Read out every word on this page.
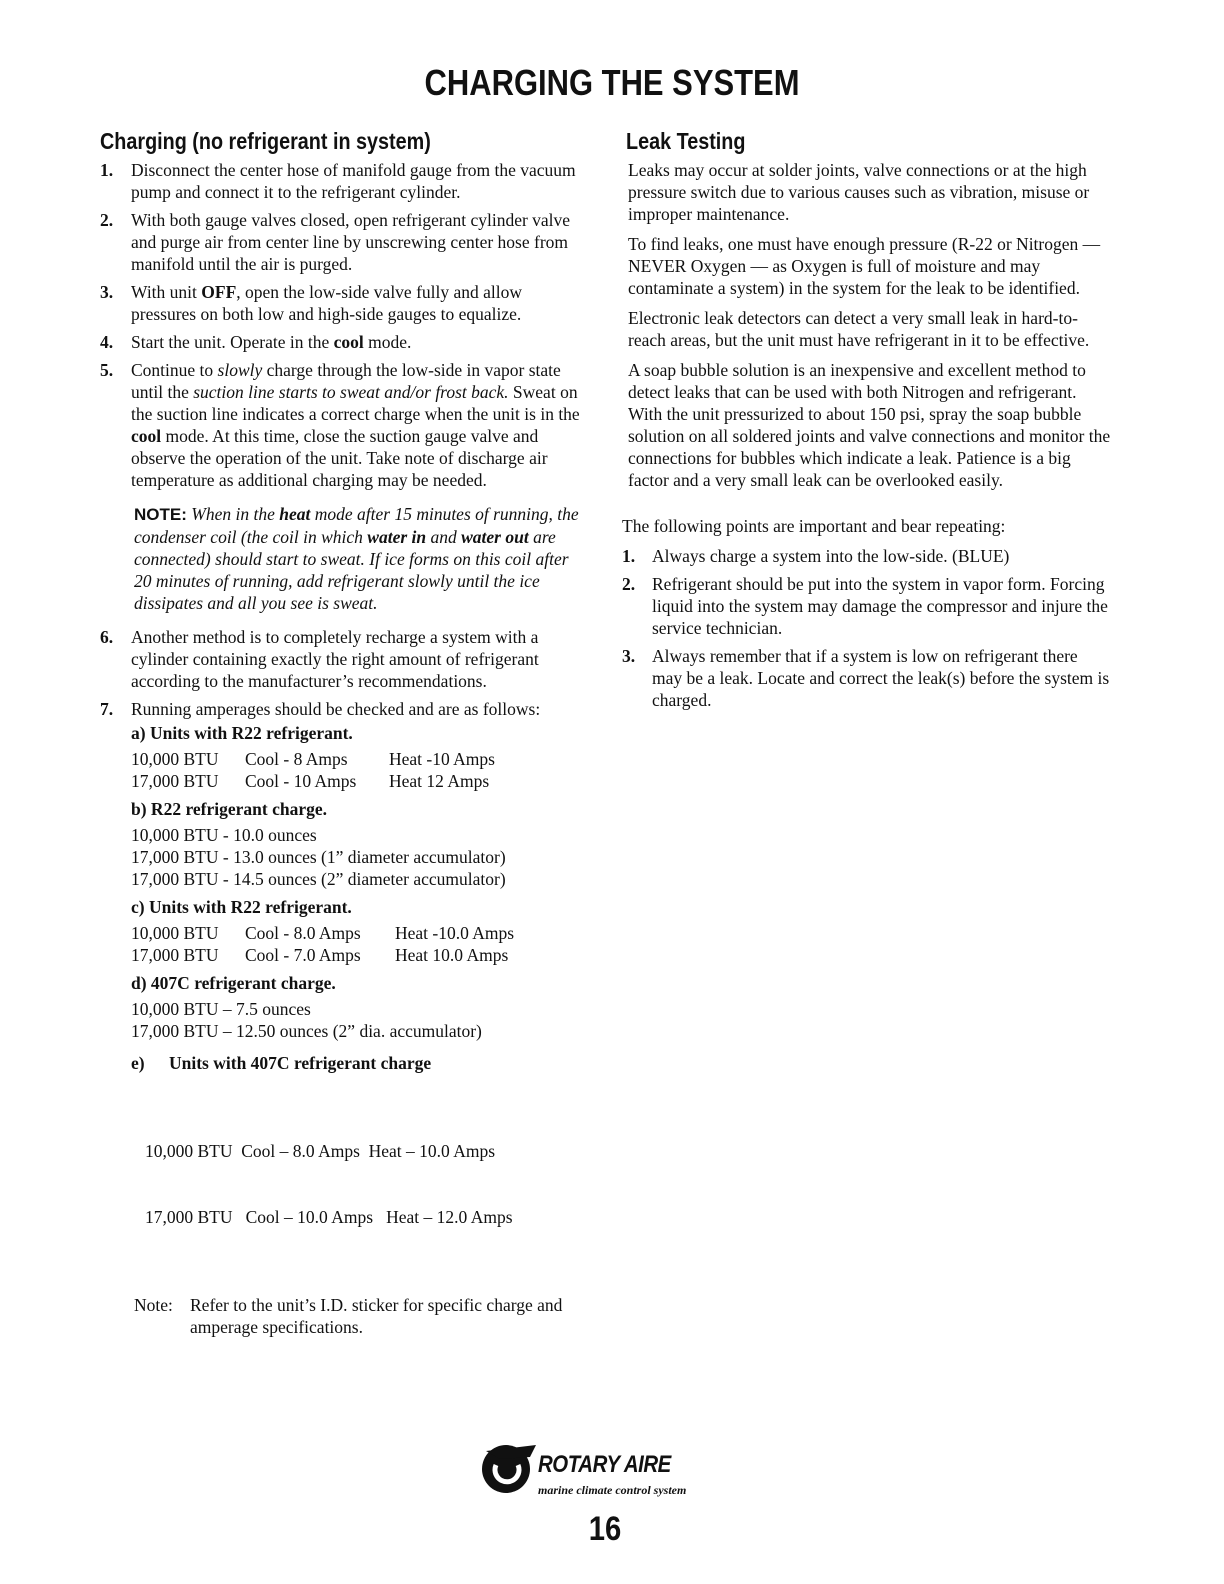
CHARGING THE SYSTEM
Charging (no refrigerant in system)
1. Disconnect the center hose of manifold gauge from the vacuum pump and connect it to the refrigerant cylinder.
2. With both gauge valves closed, open refrigerant cylinder valve and purge air from center line by unscrewing center hose from manifold until the air is purged.
3. With unit OFF, open the low-side valve fully and allow pressures on both low and high-side gauges to equalize.
4. Start the unit. Operate in the cool mode.
5. Continue to slowly charge through the low-side in vapor state until the suction line starts to sweat and/or frost back. Sweat on the suction line indicates a correct charge when the unit is in the cool mode. At this time, close the suction gauge valve and observe the operation of the unit. Take note of discharge air temperature as additional charging may be needed.
NOTE: When in the heat mode after 15 minutes of running, the condenser coil (the coil in which water in and water out are connected) should start to sweat. If ice forms on this coil after 20 minutes of running, add refrigerant slowly until the ice dissipates and all you see is sweat.
6. Another method is to completely recharge a system with a cylinder containing exactly the right amount of refrigerant according to the manufacturer’s recommendations.
7. Running amperages should be checked and are as follows:
a) Units with R22 refrigerant.
10,000 BTU	Cool - 8 Amps	Heat -10 Amps
17,000 BTU	Cool - 10 Amps	Heat 12 Amps
b) R22 refrigerant charge.
10,000 BTU - 10.0 ounces
17,000 BTU - 13.0 ounces (1” diameter accumulator)
17,000 BTU - 14.5 ounces (2” diameter accumulator)
c) Units with R22 refrigerant.
10,000 BTU	Cool - 8.0 Amps	Heat -10.0 Amps
17,000 BTU	Cool - 7.0 Amps	Heat 10.0 Amps
d) 407C refrigerant charge.
10,000 BTU – 7.5 ounces
17,000 BTU – 12.50 ounces (2” dia. accumulator)
e) Units with 407C refrigerant charge

10,000 BTU  Cool – 8.0 Amps  Heat – 10.0 Amps

17,000 BTU   Cool – 10.0 Amps   Heat – 12.0 Amps

Note: Refer to the unit’s I.D. sticker for specific charge and amperage specifications.
Leak Testing

Leaks may occur at solder joints, valve connections or at the high pressure switch due to various causes such as vibration, misuse or improper maintenance.

To find leaks, one must have enough pressure (R-22 or Nitrogen — NEVER Oxygen — as Oxygen is full of moisture and may contaminate a system) in the system for the leak to be identified.

Electronic leak detectors can detect a very small leak in hard-to-reach areas, but the unit must have refrigerant in it to be effective.

A soap bubble solution is an inexpensive and excellent method to detect leaks that can be used with both Nitrogen and refrigerant. With the unit pressurized to about 150 psi, spray the soap bubble solution on all soldered joints and valve connections and monitor the connections for bubbles which indicate a leak. Patience is a big factor and a very small leak can be overlooked easily.

The following points are important and bear repeating:

1. Always charge a system into the low-side. (BLUE)
2. Refrigerant should be put into the system in vapor form. Forcing liquid into the system may damage the compressor and injure the service technician.
3. Always remember that if a system is low on refrigerant there may be a leak. Locate and correct the leak(s) before the system is charged.
ROTARY AIRE
marine climate control system
16
